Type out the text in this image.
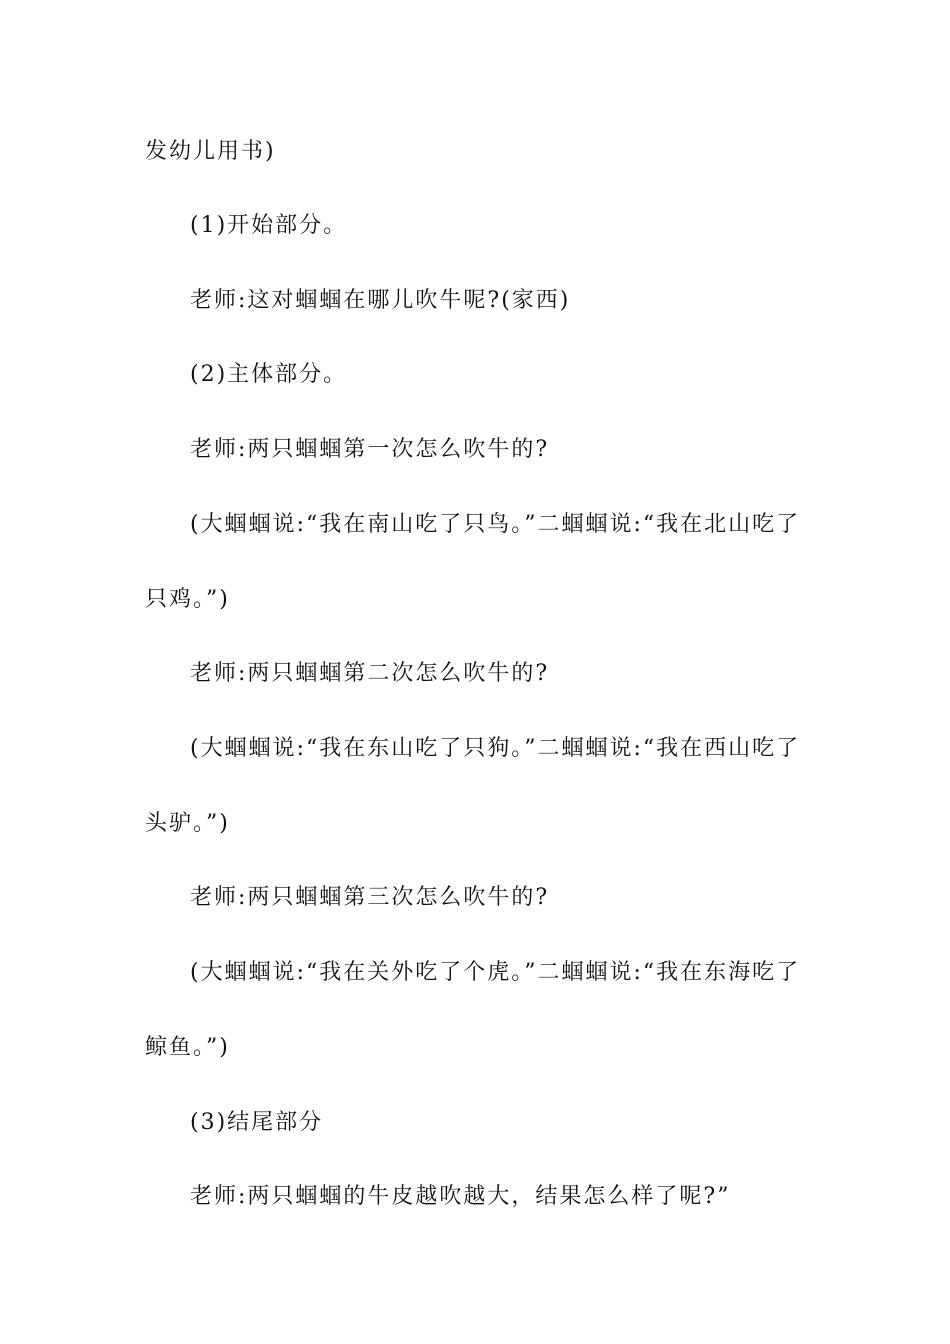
发幼儿用书)
(1)开始部分。
老师:这对蝈蝈在哪儿吹牛呢?(家西)
(2)主体部分。
老师:两只蝈蝈第一次怎么吹牛的?
(大蝈蝈说:“我在南山吃了只鸟。”二蝈蝈说:“我在北山吃了
只鸡。”)
老师:两只蝈蝈第二次怎么吹牛的?
(大蝈蝈说:“我在东山吃了只狗。”二蝈蝈说:“我在西山吃了
头驴。”)
老师:两只蝈蝈第三次怎么吹牛的?
(大蝈蝈说:“我在关外吃了个虎。”二蝈蝈说:“我在东海吃了
鲸鱼。”)
(3)结尾部分
老师:两只蝈蝈的牛皮越吹越大，结果怎么样了呢?”
